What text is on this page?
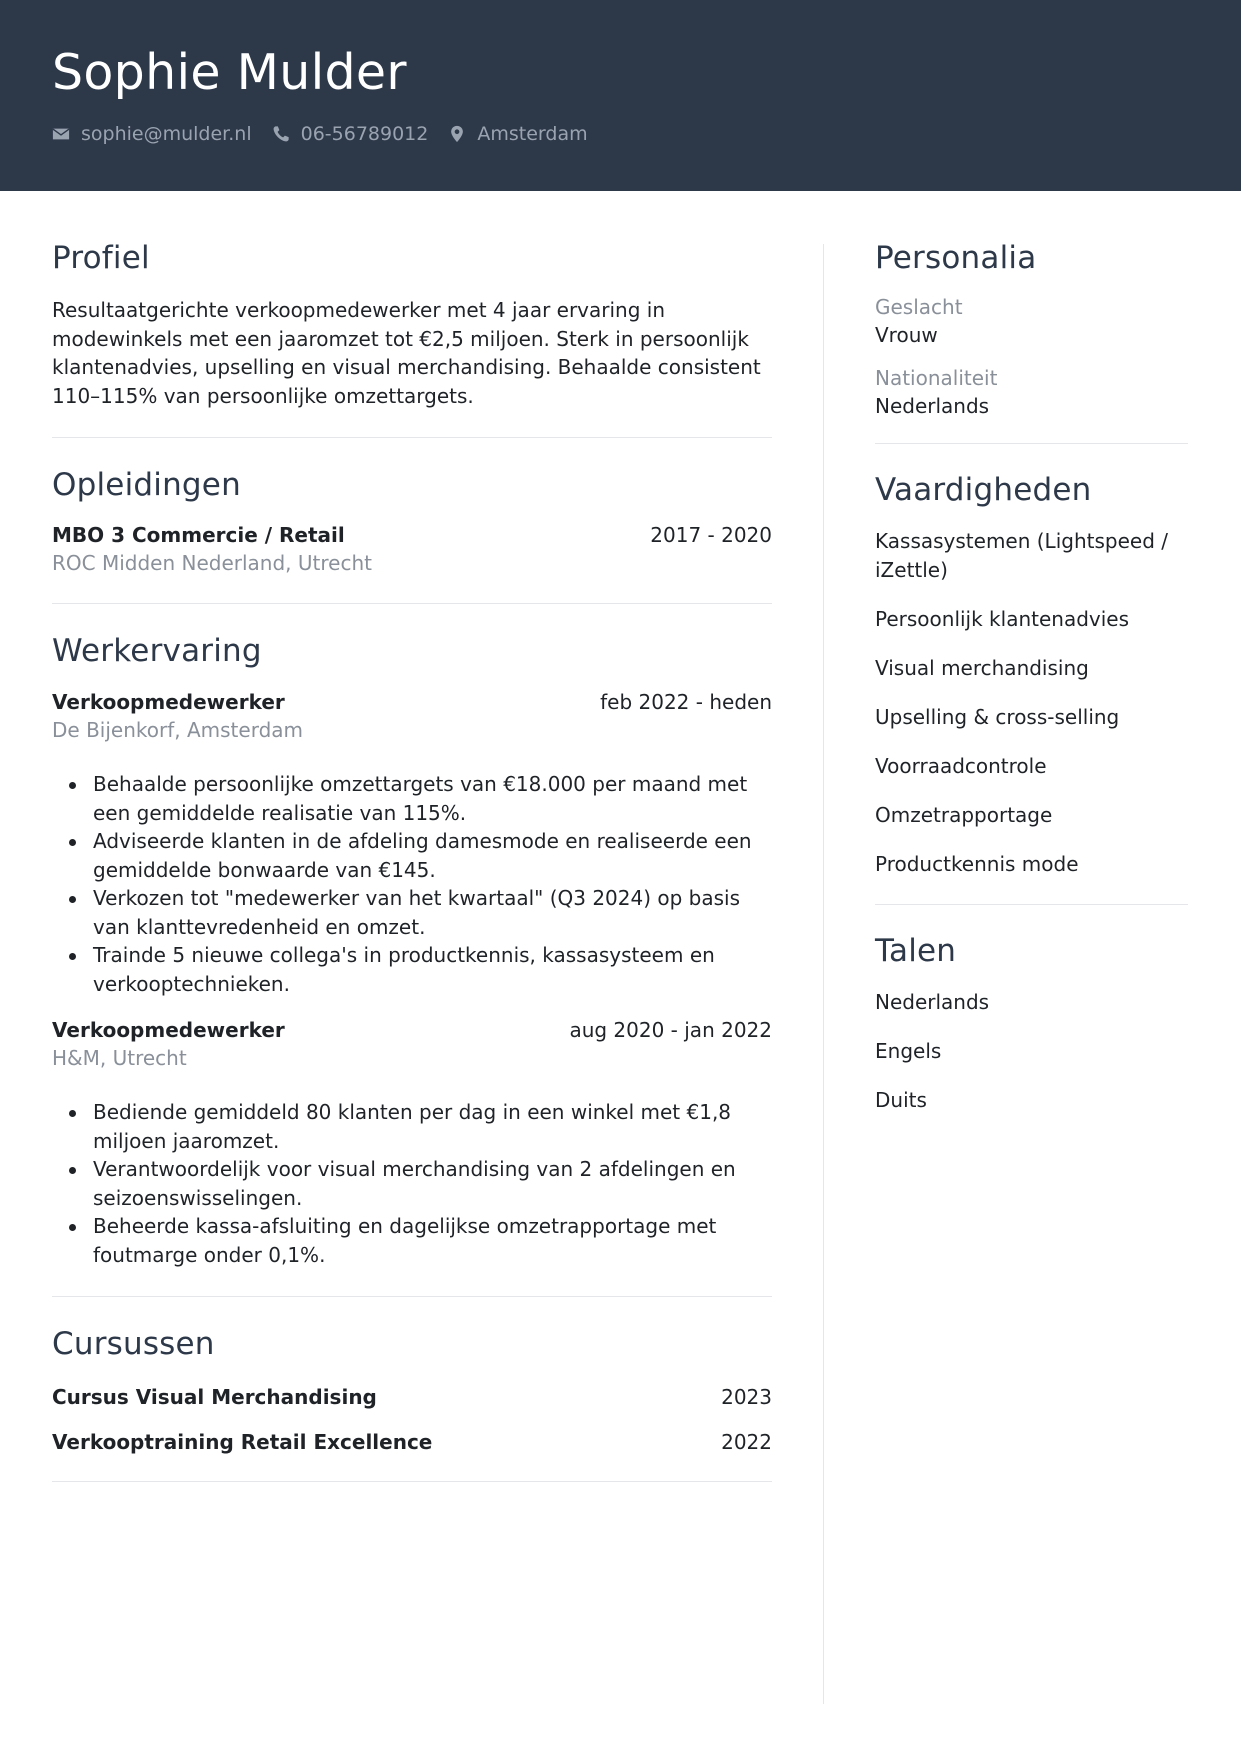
Sophie Mulder
sophie@mulder.nl	06-56789012	Amsterdam
Profiel

Resultaatgerichte verkoopmedewerker met 4 jaar ervaring in modewinkels met een jaaromzet tot €2,5 miljoen. Sterk in persoonlijk klantenadvies, upselling en visual merchandising. Behaalde consistent 110–115% van persoonlijke omzettargets.

Opleidingen
MBO 3 Commercie / Retail	2017 - 2020
ROC Midden Nederland, Utrecht
Werkervaring
Verkoopmedewerker	feb 2022 - heden
De Bijenkorf, Amsterdam
Behaalde persoonlijke omzettargets van €18.000 per maand met een gemiddelde realisatie van 115%.
Adviseerde klanten in de afdeling damesmode en realiseerde een gemiddelde bonwaarde van €145.
Verkozen tot "medewerker van het kwartaal" (Q3 2024) op basis van klanttevredenheid en omzet.
Trainde 5 nieuwe collega's in productkennis, kassasysteem en verkooptechnieken.
Verkoopmedewerker	aug 2020 - jan 2022
H&M, Utrecht
Bediende gemiddeld 80 klanten per dag in een winkel met €1,8 miljoen jaaromzet.
Verantwoordelijk voor visual merchandising van 2 afdelingen en seizoenswisselingen.
Beheerde kassa-afsluiting en dagelijkse omzetrapportage met foutmarge onder 0,1%.
Cursussen
Cursus Visual Merchandising	2023
Verkooptraining Retail Excellence	2022
Personalia
Geslacht
Vrouw
Nationaliteit
Nederlands
Vaardigheden
Kassasystemen (Lightspeed / iZettle)
Persoonlijk klantenadvies
Visual merchandising
Upselling & cross-selling
Voorraadcontrole
Omzetrapportage
Productkennis mode
Talen
Nederlands
Engels
Duits
